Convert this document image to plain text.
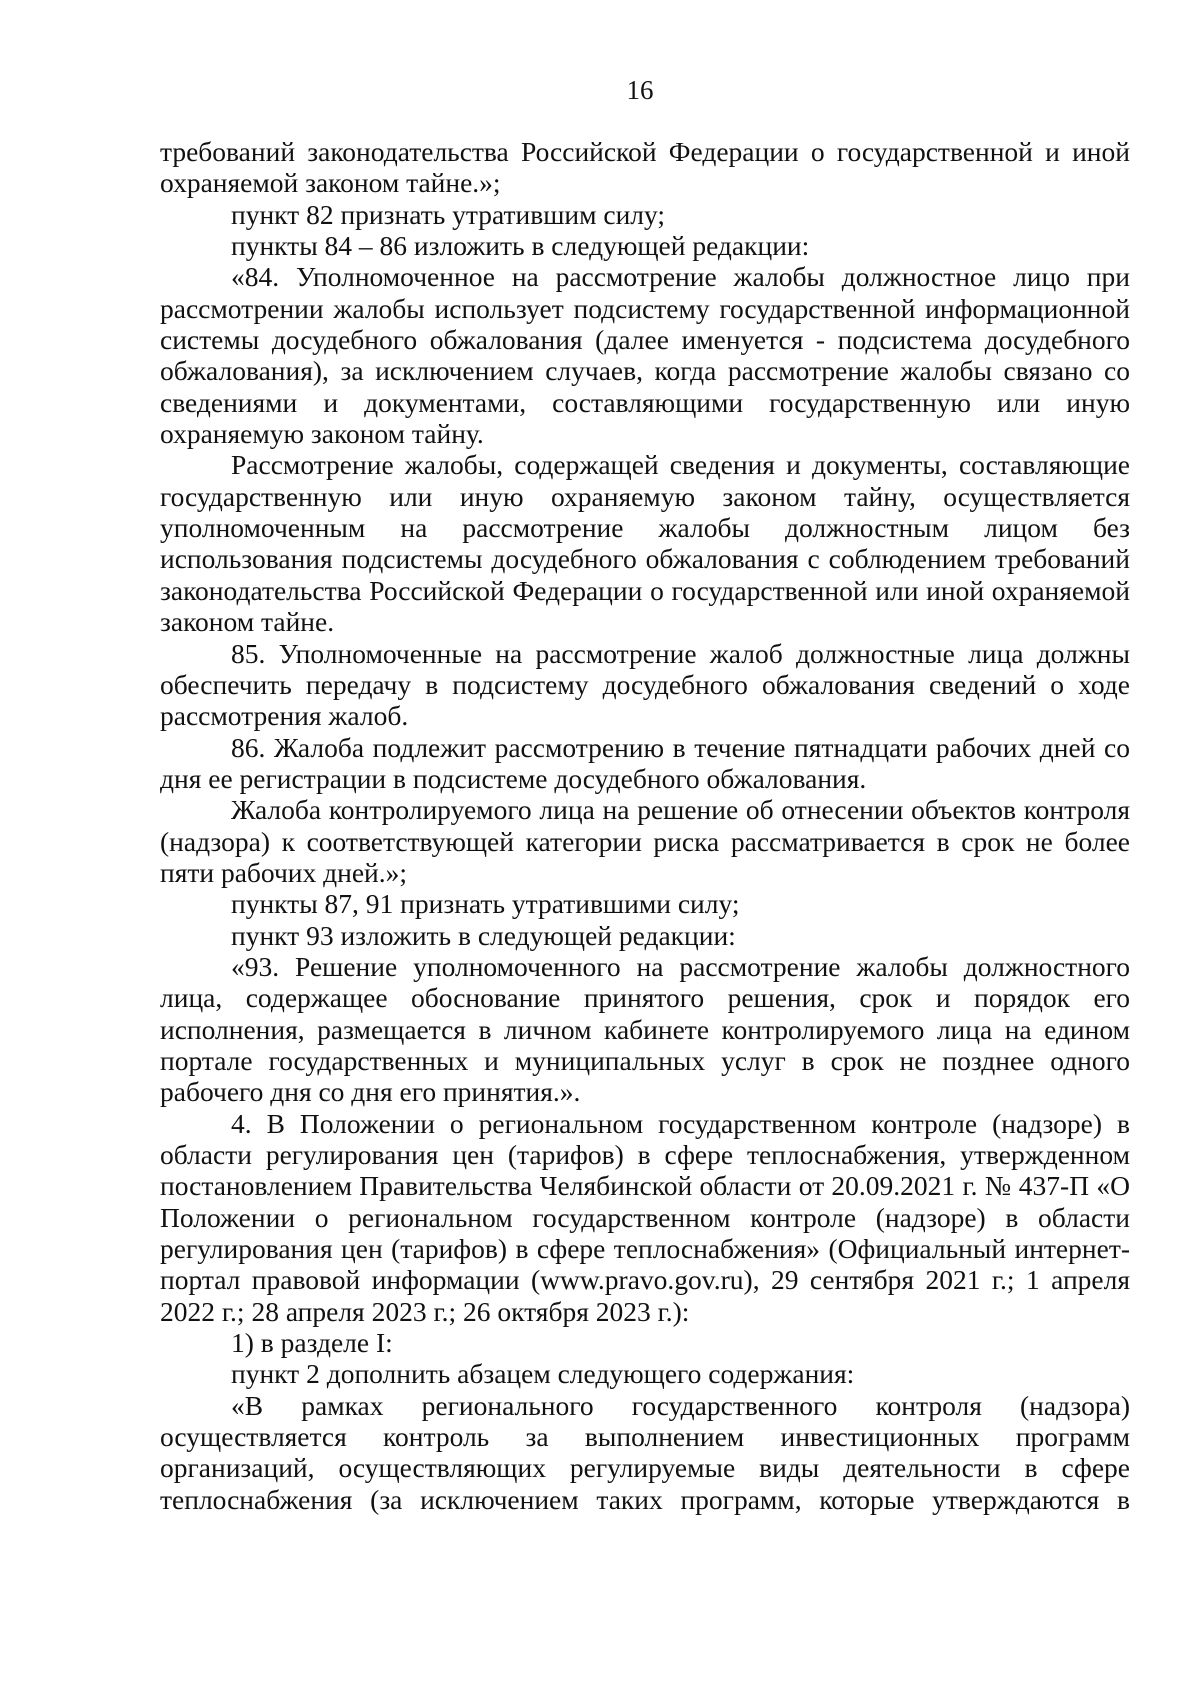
16

требований законодательства Российской Федерации о государственной и иной охраняемой законом тайне.»;

пункт 82 признать утратившим силу;

пункты 84 – 86 изложить в следующей редакции:

«84. Уполномоченное на рассмотрение жалобы должностное лицо при рассмотрении жалобы использует подсистему государственной информационной системы досудебного обжалования (далее именуется - подсистема досудебного обжалования), за исключением случаев, когда рассмотрение жалобы связано со сведениями и документами, составляющими государственную или иную охраняемую законом тайну.

Рассмотрение жалобы, содержащей сведения и документы, составляющие государственную или иную охраняемую законом тайну, осуществляется уполномоченным на рассмотрение жалобы должностным лицом без использования подсистемы досудебного обжалования с соблюдением требований законодательства Российской Федерации о государственной или иной охраняемой законом тайне.

85. Уполномоченные на рассмотрение жалоб должностные лица должны обеспечить передачу в подсистему досудебного обжалования сведений о ходе рассмотрения жалоб.

86. Жалоба подлежит рассмотрению в течение пятнадцати рабочих дней со дня ее регистрации в подсистеме досудебного обжалования.

Жалоба контролируемого лица на решение об отнесении объектов контроля (надзора) к соответствующей категории риска рассматривается в срок не более пяти рабочих дней.»;

пункты 87, 91 признать утратившими силу;

пункт 93 изложить в следующей редакции:

«93. Решение уполномоченного на рассмотрение жалобы должностного лица, содержащее обоснование принятого решения, срок и порядок его исполнения, размещается в личном кабинете контролируемого лица на едином портале государственных и муниципальных услуг в срок не позднее одного рабочего дня со дня его принятия.».

4. В Положении о региональном государственном контроле (надзоре) в области регулирования цен (тарифов) в сфере теплоснабжения, утвержденном постановлением Правительства Челябинской области от 20.09.2021 г. № 437-П «О Положении о региональном государственном контроле (надзоре) в области регулирования цен (тарифов) в сфере теплоснабжения» (Официальный интернет-портал правовой информации (www.pravo.gov.ru), 29 сентября 2021 г.; 1 апреля 2022 г.; 28 апреля 2023 г.; 26 октября 2023 г.):

1) в разделе I:

пункт 2 дополнить абзацем следующего содержания:

«В рамках регионального государственного контроля (надзора) осуществляется контроль за выполнением инвестиционных программ организаций, осуществляющих регулируемые виды деятельности в сфере теплоснабжения (за исключением таких программ, которые утверждаются в
